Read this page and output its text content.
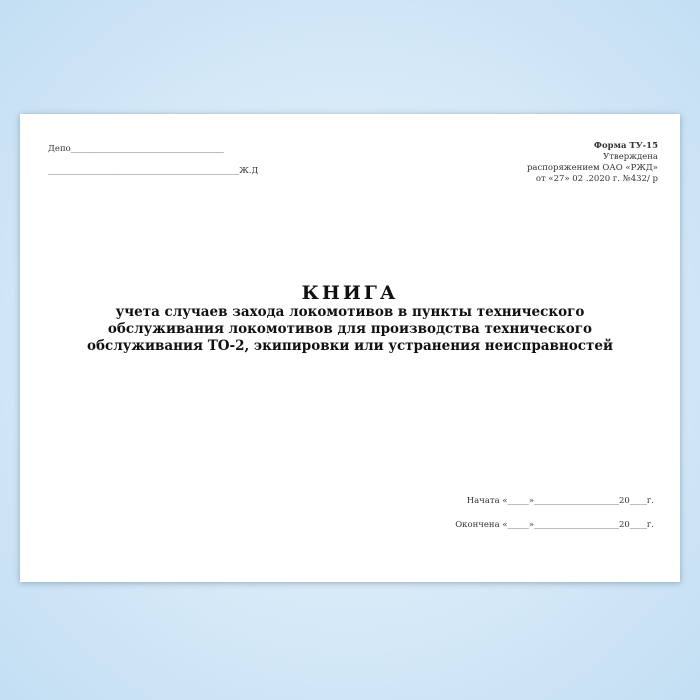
Депо____________________________________
_____________________________________________Ж.Д
Форма ТУ-15
Утверждена
распоряжением ОАО «РЖД»
от «27» 02 .2020 г. №432/ р
КНИГА
учета случаев захода локомотивов в пункты технического
обслуживания локомотивов для производства технического
обслуживания ТО-2, экипировки или устранения неисправностей
Начата «_____»____________________20____г.
Окончена «_____»____________________20____г.
